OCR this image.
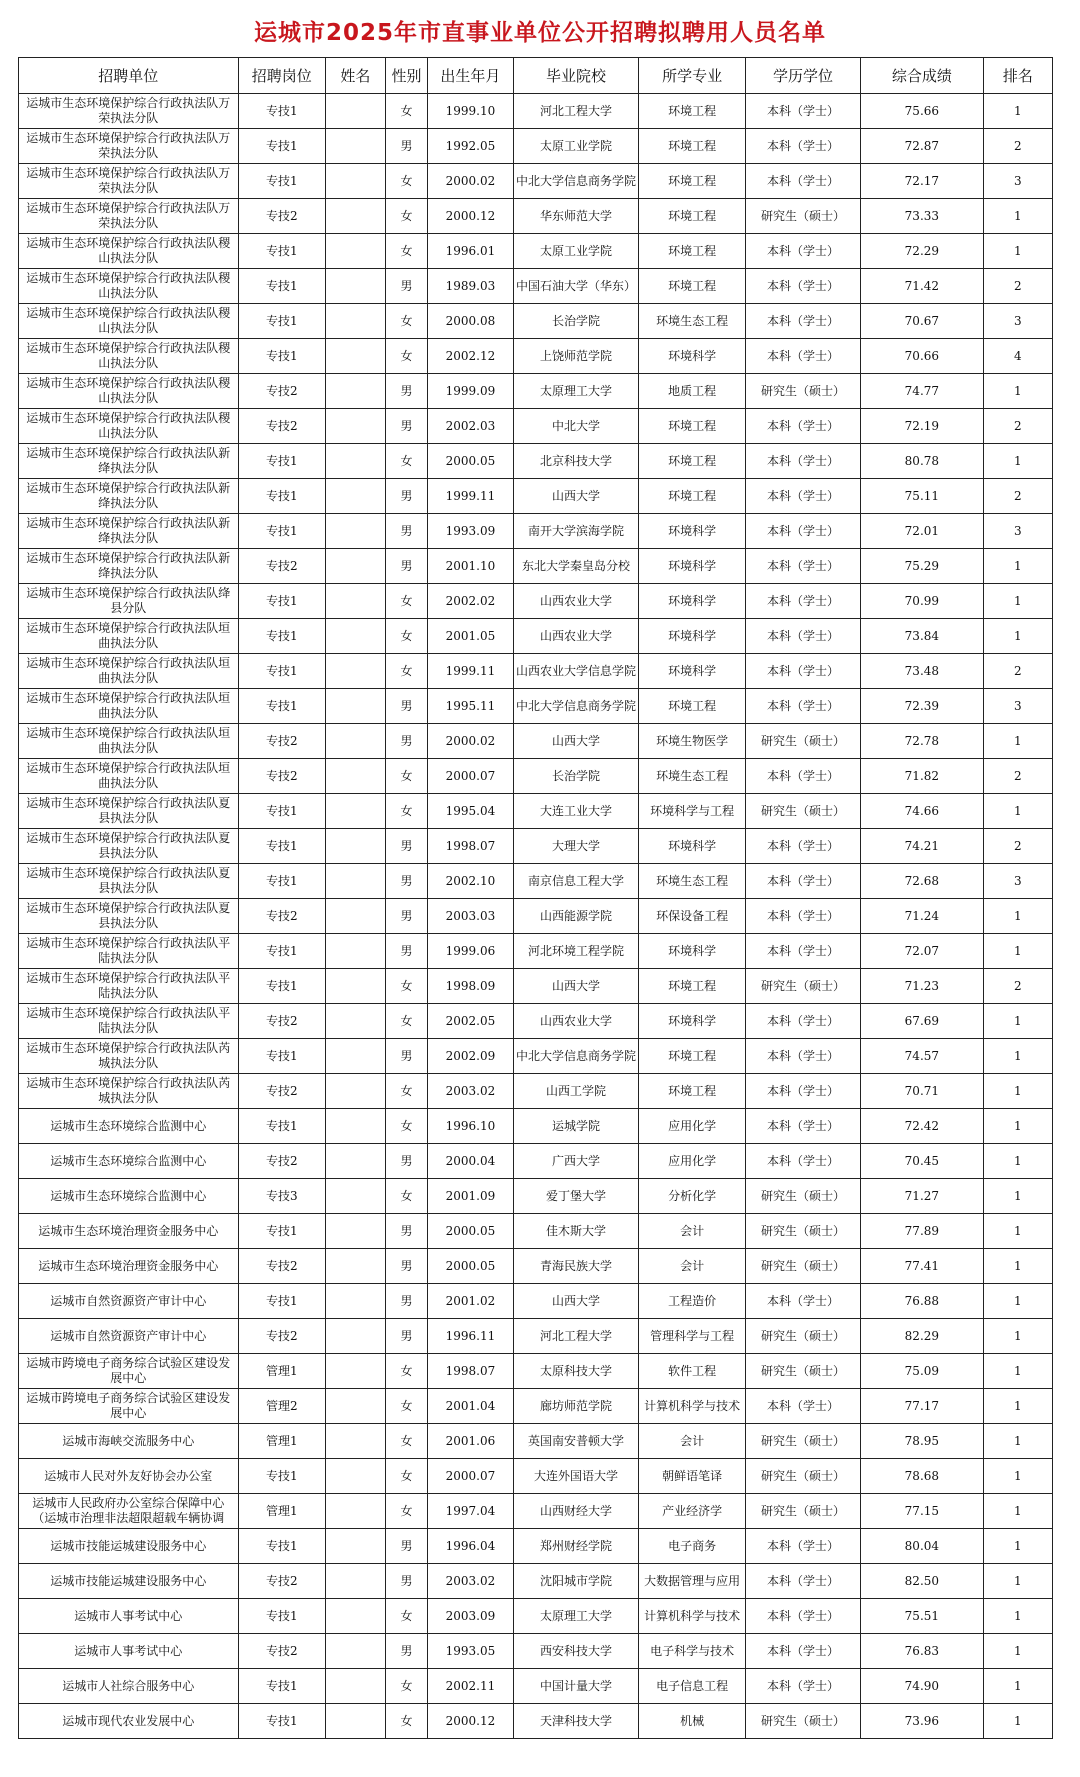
运城市2025年市直事业单位公开招聘拟聘用人员名单
招聘单位	招聘岗位	姓名	性别	出生年月	毕业院校	所学专业	学历学位	综合成绩	排名
运城市生态环境保护综合行政执法队万荣执法分队	专技1		女	1999.10	河北工程大学	环境工程	本科（学士）	75.66	1
运城市生态环境保护综合行政执法队万荣执法分队	专技1		男	1992.05	太原工业学院	环境工程	本科（学士）	72.87	2
运城市生态环境保护综合行政执法队万荣执法分队	专技1		女	2000.02	中北大学信息商务学院	环境工程	本科（学士）	72.17	3
运城市生态环境保护综合行政执法队万荣执法分队	专技2		女	2000.12	华东师范大学	环境工程	研究生（硕士）	73.33	1
运城市生态环境保护综合行政执法队稷山执法分队	专技1		女	1996.01	太原工业学院	环境工程	本科（学士）	72.29	1
运城市生态环境保护综合行政执法队稷山执法分队	专技1		男	1989.03	中国石油大学（华东）	环境工程	本科（学士）	71.42	2
运城市生态环境保护综合行政执法队稷山执法分队	专技1		女	2000.08	长治学院	环境生态工程	本科（学士）	70.67	3
运城市生态环境保护综合行政执法队稷山执法分队	专技1		女	2002.12	上饶师范学院	环境科学	本科（学士）	70.66	4
运城市生态环境保护综合行政执法队稷山执法分队	专技2		男	1999.09	太原理工大学	地质工程	研究生（硕士）	74.77	1
运城市生态环境保护综合行政执法队稷山执法分队	专技2		男	2002.03	中北大学	环境工程	本科（学士）	72.19	2
运城市生态环境保护综合行政执法队新绛执法分队	专技1		女	2000.05	北京科技大学	环境工程	本科（学士）	80.78	1
运城市生态环境保护综合行政执法队新绛执法分队	专技1		男	1999.11	山西大学	环境工程	本科（学士）	75.11	2
运城市生态环境保护综合行政执法队新绛执法分队	专技1		男	1993.09	南开大学滨海学院	环境科学	本科（学士）	72.01	3
运城市生态环境保护综合行政执法队新绛执法分队	专技2		男	2001.10	东北大学秦皇岛分校	环境科学	本科（学士）	75.29	1
运城市生态环境保护综合行政执法队绛县分队	专技1		女	2002.02	山西农业大学	环境科学	本科（学士）	70.99	1
运城市生态环境保护综合行政执法队垣曲执法分队	专技1		女	2001.05	山西农业大学	环境科学	本科（学士）	73.84	1
运城市生态环境保护综合行政执法队垣曲执法分队	专技1		女	1999.11	山西农业大学信息学院	环境科学	本科（学士）	73.48	2
运城市生态环境保护综合行政执法队垣曲执法分队	专技1		男	1995.11	中北大学信息商务学院	环境工程	本科（学士）	72.39	3
运城市生态环境保护综合行政执法队垣曲执法分队	专技2		男	2000.02	山西大学	环境生物医学	研究生（硕士）	72.78	1
运城市生态环境保护综合行政执法队垣曲执法分队	专技2		女	2000.07	长治学院	环境生态工程	本科（学士）	71.82	2
运城市生态环境保护综合行政执法队夏县执法分队	专技1		女	1995.04	大连工业大学	环境科学与工程	研究生（硕士）	74.66	1
运城市生态环境保护综合行政执法队夏县执法分队	专技1		男	1998.07	大理大学	环境科学	本科（学士）	74.21	2
运城市生态环境保护综合行政执法队夏县执法分队	专技1		男	2002.10	南京信息工程大学	环境生态工程	本科（学士）	72.68	3
运城市生态环境保护综合行政执法队夏县执法分队	专技2		男	2003.03	山西能源学院	环保设备工程	本科（学士）	71.24	1
运城市生态环境保护综合行政执法队平陆执法分队	专技1		男	1999.06	河北环境工程学院	环境科学	本科（学士）	72.07	1
运城市生态环境保护综合行政执法队平陆执法分队	专技1		女	1998.09	山西大学	环境工程	研究生（硕士）	71.23	2
运城市生态环境保护综合行政执法队平陆执法分队	专技2		女	2002.05	山西农业大学	环境科学	本科（学士）	67.69	1
运城市生态环境保护综合行政执法队芮城执法分队	专技1		男	2002.09	中北大学信息商务学院	环境工程	本科（学士）	74.57	1
运城市生态环境保护综合行政执法队芮城执法分队	专技2		女	2003.02	山西工学院	环境工程	本科（学士）	70.71	1
运城市生态环境综合监测中心	专技1		女	1996.10	运城学院	应用化学	本科（学士）	72.42	1
运城市生态环境综合监测中心	专技2		男	2000.04	广西大学	应用化学	本科（学士）	70.45	1
运城市生态环境综合监测中心	专技3		女	2001.09	爱丁堡大学	分析化学	研究生（硕士）	71.27	1
运城市生态环境治理资金服务中心	专技1		男	2000.05	佳木斯大学	会计	研究生（硕士）	77.89	1
运城市生态环境治理资金服务中心	专技2		男	2000.05	青海民族大学	会计	研究生（硕士）	77.41	1
运城市自然资源资产审计中心	专技1		男	2001.02	山西大学	工程造价	本科（学士）	76.88	1
运城市自然资源资产审计中心	专技2		男	1996.11	河北工程大学	管理科学与工程	研究生（硕士）	82.29	1
运城市跨境电子商务综合试验区建设发展中心	管理1		女	1998.07	太原科技大学	软件工程	研究生（硕士）	75.09	1
运城市跨境电子商务综合试验区建设发展中心	管理2		女	2001.04	廊坊师范学院	计算机科学与技术	本科（学士）	77.17	1
运城市海峡交流服务中心	管理1		女	2001.06	英国南安普顿大学	会计	研究生（硕士）	78.95	1
运城市人民对外友好协会办公室	专技1		女	2000.07	大连外国语大学	朝鲜语笔译	研究生（硕士）	78.68	1
运城市人民政府办公室综合保障中心（运城市治理非法超限超载车辆协调	管理1		女	1997.04	山西财经大学	产业经济学	研究生（硕士）	77.15	1
运城市技能运城建设服务中心	专技1		男	1996.04	郑州财经学院	电子商务	本科（学士）	80.04	1
运城市技能运城建设服务中心	专技2		男	2003.02	沈阳城市学院	大数据管理与应用	本科（学士）	82.50	1
运城市人事考试中心	专技1		女	2003.09	太原理工大学	计算机科学与技术	本科（学士）	75.51	1
运城市人事考试中心	专技2		男	1993.05	西安科技大学	电子科学与技术	本科（学士）	76.83	1
运城市人社综合服务中心	专技1		女	2002.11	中国计量大学	电子信息工程	本科（学士）	74.90	1
运城市现代农业发展中心	专技1		女	2000.12	天津科技大学	机械	研究生（硕士）	73.96	1
